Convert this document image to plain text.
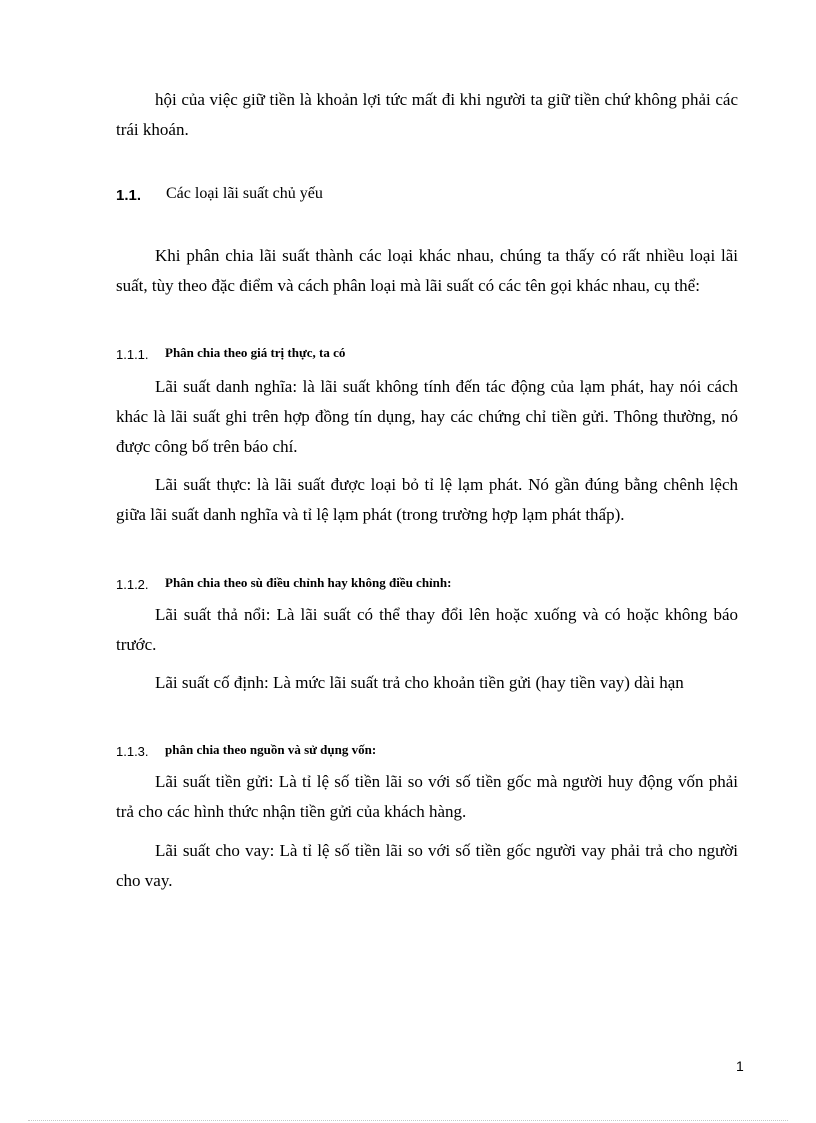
hội của việc giữ tiền là khoản lợi tức mất đi khi người ta giữ tiền chứ không phải các trái khoán.

1.1. Các loại lãi suất chủ yếu

Khi phân chia lãi suất thành các loại khác nhau, chúng ta thấy có rất nhiều loại lãi suất, tùy theo đặc điểm và cách phân loại mà lãi suất có các tên gọi khác nhau, cụ thể:

1.1.1. Phân chia theo giá trị thực, ta có

Lãi suất danh nghĩa: là lãi suất không tính đến tác động của lạm phát, hay nói cách khác là lãi suất ghi trên hợp đồng tín dụng, hay các chứng chỉ tiền gửi. Thông thường, nó được công bố trên báo chí.

Lãi suất thực: là lãi suất được loại bỏ tỉ lệ lạm phát. Nó gần đúng bằng chênh lệch giữa lãi suất danh nghĩa và tỉ lệ lạm phát (trong trường hợp lạm phát thấp).

1.1.2. Phân chia theo sù điều chỉnh hay không điều chỉnh:

Lãi suất thả nổi: Là lãi suất có thể thay đổi lên hoặc xuống và có hoặc không báo trước.

Lãi suất cố định: Là mức lãi suất trả cho khoản tiền gửi (hay tiền vay) dài hạn

1.1.3. phân chia theo nguồn và sử dụng vốn:

Lãi suất tiền gửi: Là tỉ lệ số tiền lãi so với số tiền gốc mà người huy động vốn phải trả cho các hình thức nhận tiền gửi của khách hàng.

Lãi suất cho vay: Là tỉ lệ số tiền lãi so với số tiền gốc người vay phải trả cho người cho vay.

1
